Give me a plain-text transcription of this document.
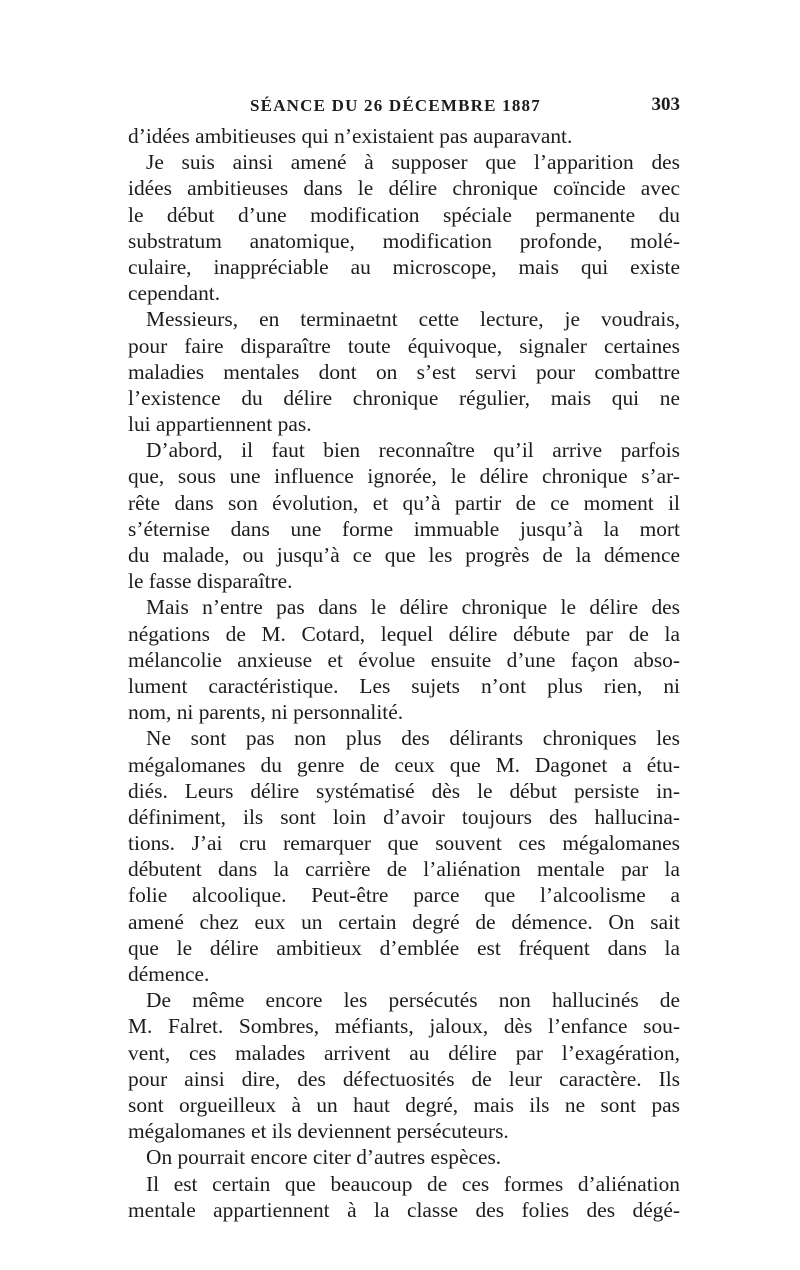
SÉANCE DU 26 DÉCEMBRE 1887	303
d’idées ambitieuses qui n’existaient pas auparavant.
Je suis ainsi amené à supposer que l’apparition des
idées ambitieuses dans le délire chronique coïncide avec
le début d’une modification spéciale permanente du
substratum anatomique, modification profonde, molé-
culaire, inappréciable au microscope, mais qui existe
cependant.
Messieurs, en terminaetnt cette lecture, je voudrais,
pour faire disparaître toute équivoque, signaler certaines
maladies mentales dont on s’est servi pour combattre
l’existence du délire chronique régulier, mais qui ne
lui appartiennent pas.
D’abord, il faut bien reconnaître qu’il arrive parfois
que, sous une influence ignorée, le délire chronique s’ar-
rête dans son évolution, et qu’à partir de ce moment il
s’éternise dans une forme immuable jusqu’à la mort
du malade, ou jusqu’à ce que les progrès de la démence
le fasse disparaître.
Mais n’entre pas dans le délire chronique le délire des
négations de M. Cotard, lequel délire débute par de la
mélancolie anxieuse et évolue ensuite d’une façon abso-
lument caractéristique. Les sujets n’ont plus rien, ni
nom, ni parents, ni personnalité.
Ne sont pas non plus des délirants chroniques les
mégalomanes du genre de ceux que M. Dagonet a étu-
diés. Leurs délire systématisé dès le début persiste in-
définiment, ils sont loin d’avoir toujours des hallucina-
tions. J’ai cru remarquer que souvent ces mégalomanes
débutent dans la carrière de l’aliénation mentale par la
folie alcoolique. Peut-être parce que l’alcoolisme a
amené chez eux un certain degré de démence. On sait
que le délire ambitieux d’emblée est fréquent dans la
démence.
De même encore les persécutés non hallucinés de
M. Falret. Sombres, méfiants, jaloux, dès l’enfance sou-
vent, ces malades arrivent au délire par l’exagération,
pour ainsi dire, des défectuosités de leur caractère. Ils
sont orgueilleux à un haut degré, mais ils ne sont pas
mégalomanes et ils deviennent persécuteurs.
On pourrait encore citer d’autres espèces.
Il est certain que beaucoup de ces formes d’aliénation
mentale appartiennent à la classe des folies des dégé-
